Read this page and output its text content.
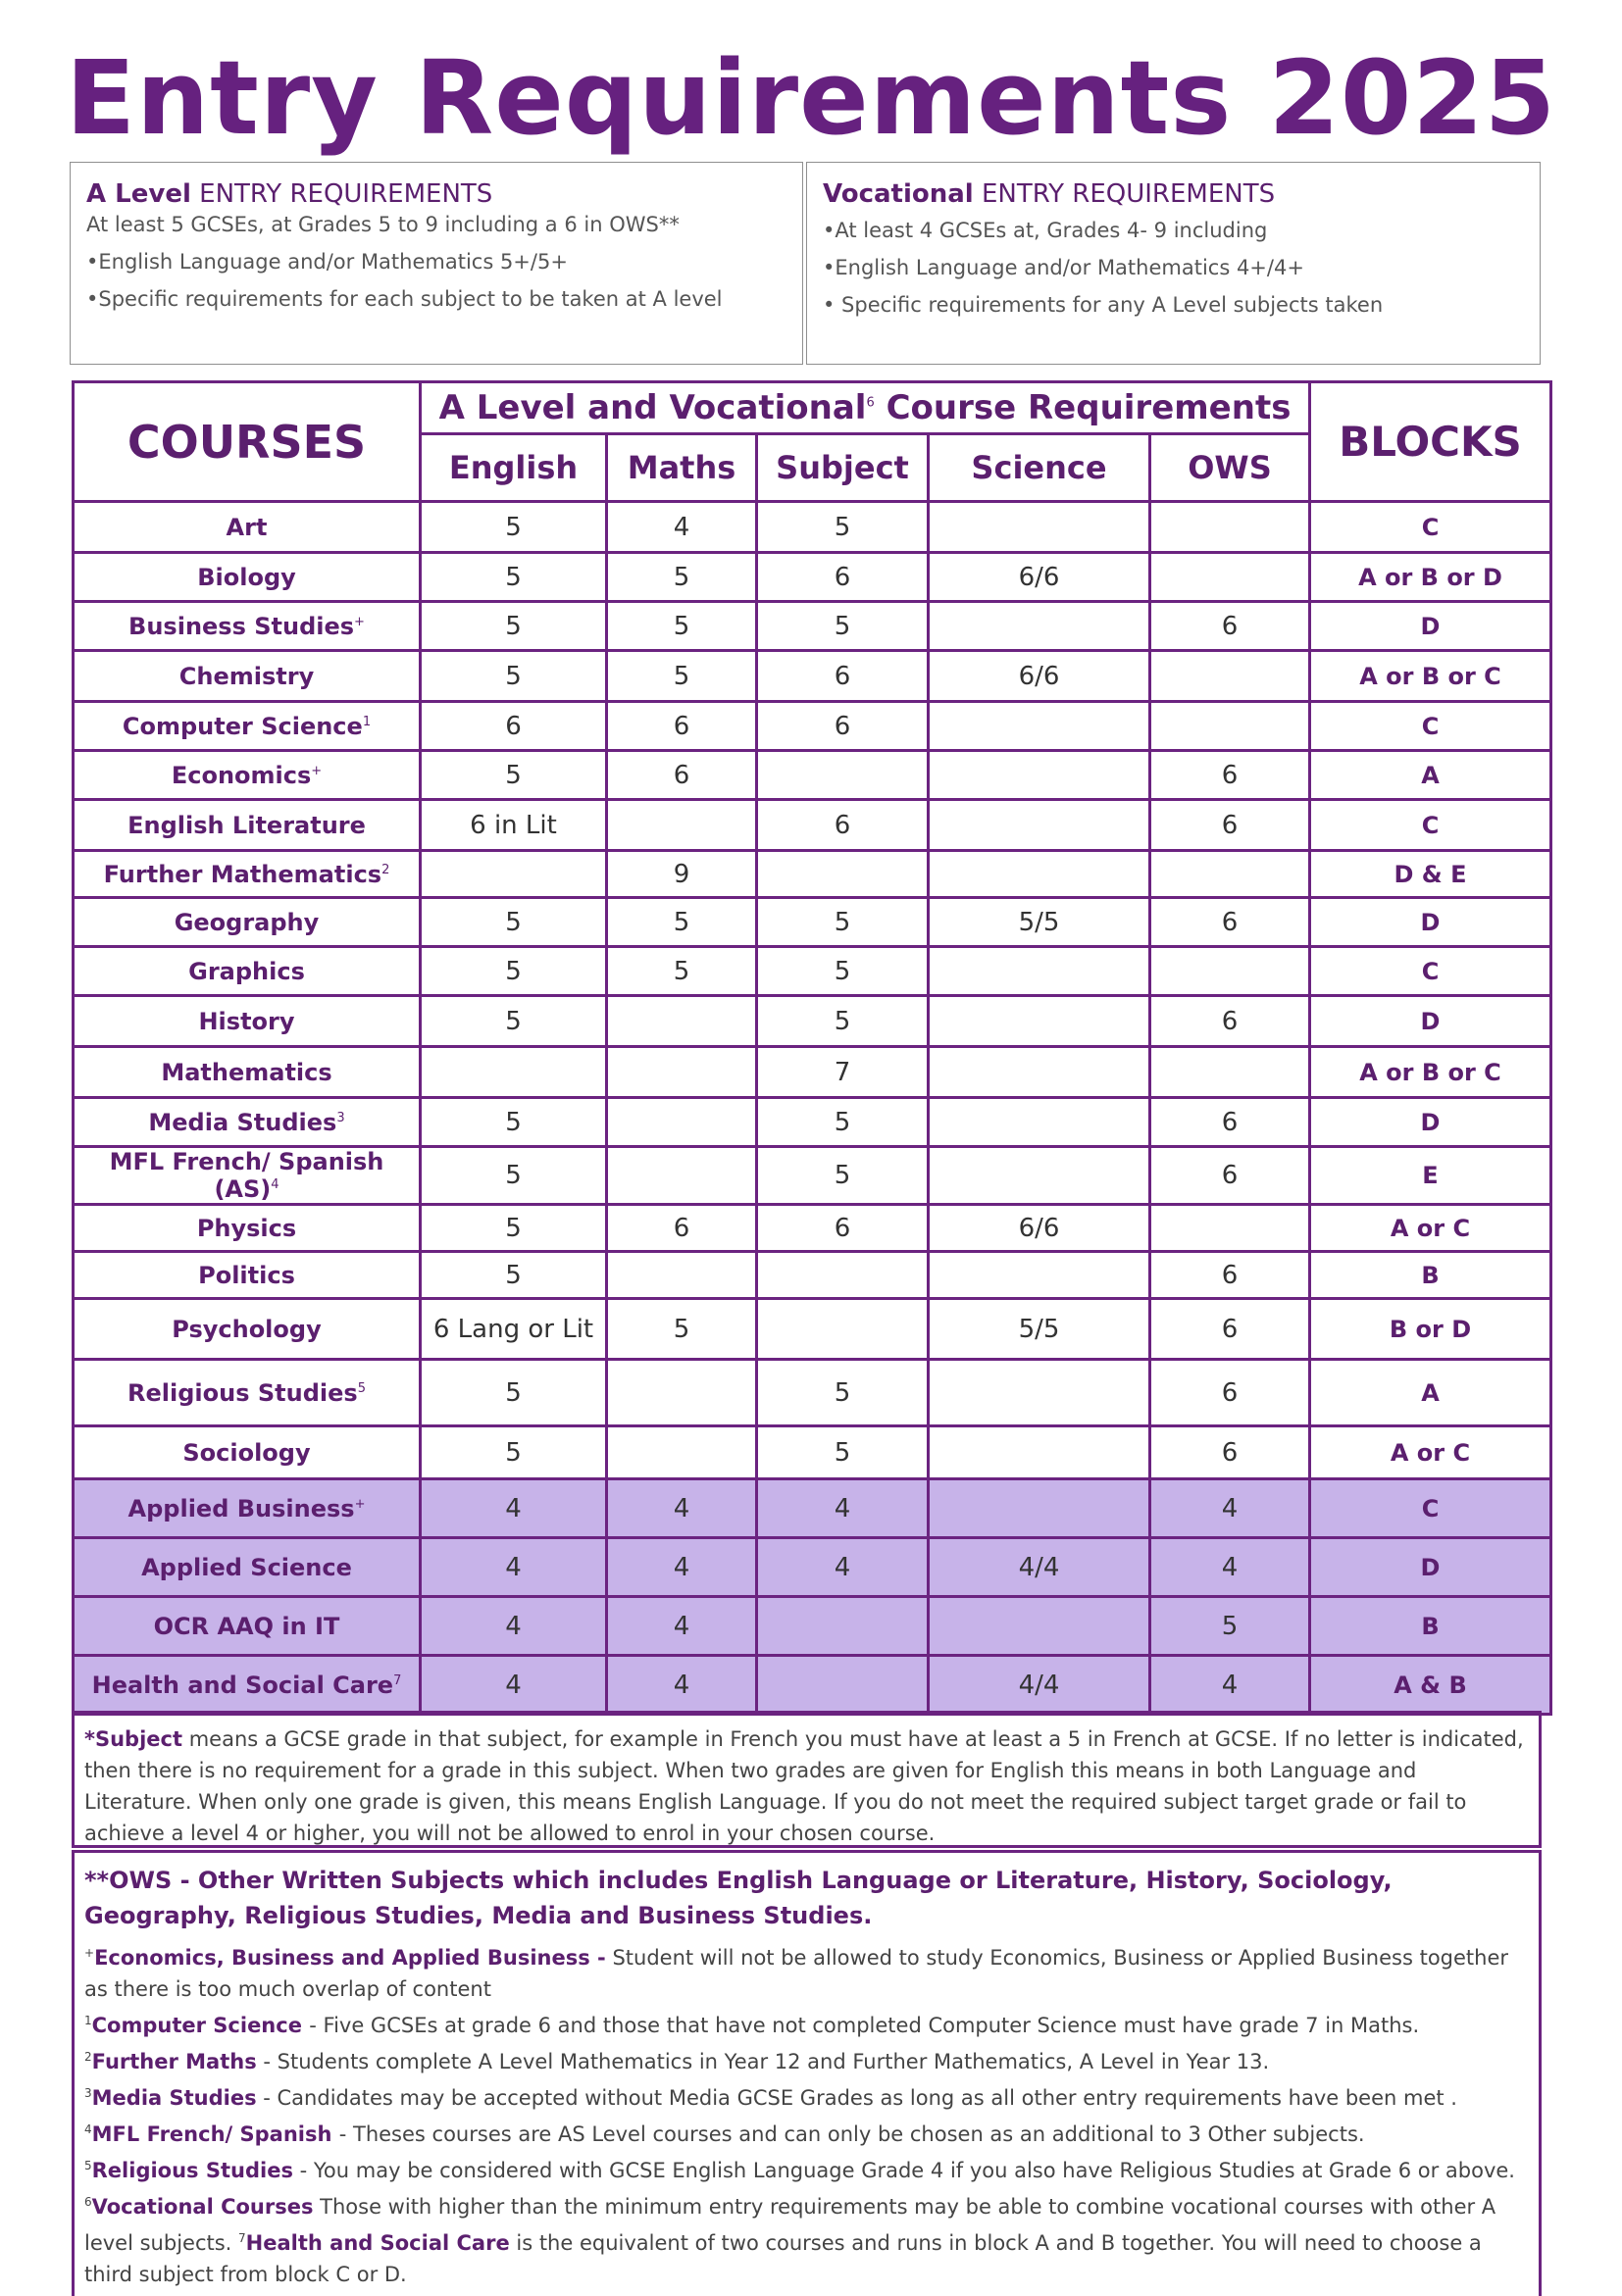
Entry Requirements 2025
A Level ENTRY REQUIREMENTS
At least 5 GCSEs, at Grades 5 to 9 including a 6 in OWS**
•English Language and/or Mathematics 5+/5+
•Specific requirements for each subject to be taken at A level
Vocational ENTRY REQUIREMENTS
•At least 4 GCSEs at, Grades 4- 9 including
•English Language and/or Mathematics 4+/4+
• Specific requirements for any A Level subjects taken
COURSES	A Level and Vocational$^6$ Course Requirements					BLOCKS
	English	Maths	Subject	Science	OWS	
Art	5	4	5			C
Biology	5	5	6	6/6		A or B or D
Business Studies+	5	5	5		6	D
Chemistry	5	5	6	6/6		A or B or C
Computer Science$^1$	6	6	6			C
Economics+	5	6			6	A
English Literature	6 in Lit		6		6	C
Further Mathematics$^2$		9				D & E
Geography	5	5	5	5/5	6	D
Graphics	5	5	5			C
History	5		5		6	D
Mathematics			7			A or B or C
Media Studies$^3$	5		5		6	D
MFL French/ Spanish (AS)$^4$	5		5		6	E
Physics	5	6	6	6/6		A or C
Politics	5				6	B
Psychology	6 Lang or Lit	5		5/5	6	B or D
Religious Studies$^5$	5		5		6	A
Sociology	5		5		6	A or C
Applied Business+	4	4	4		4	C
Applied Science	4	4	4	4/4	4	D
OCR AAQ in IT	4	4			5	B
Health and Social Care$^7$	4	4		4/4	4	A & B

*Subject means a GCSE grade in that subject, for example in French you must have at least a 5 in French at GCSE. If no letter is indicated, then there is no requirement for a grade in this subject. When two grades are given for English this means in both Language and Literature. When only one grade is given, this means English Language. If you do not meet the required subject target grade or fail to achieve a level 4 or higher, you will not be allowed to enrol in your chosen course.

**OWS - Other Written Subjects which includes English Language or Literature, History, Sociology, Geography, Religious Studies, Media and Business Studies.

+Economics, Business and Applied Business - Student will not be allowed to study Economics, Business or Applied Business together as there is too much overlap of content

$^1$Computer Science - Five GCSEs at grade 6 and those that have not completed Computer Science must have grade 7 in Maths.

$^2$Further Maths - Students complete A Level Mathematics in Year 12 and Further Mathematics, A Level in Year 13.

$^3$Media Studies - Candidates may be accepted without Media GCSE Grades as long as all other entry requirements have been met .

$^4$MFL French/ Spanish - Theses courses are AS Level courses and can only be chosen as an additional to 3 Other subjects.

$^5$Religious Studies - You may be considered with GCSE English Language Grade 4 if you also have Religious Studies at Grade 6 or above.

$^6$Vocational Courses Those with higher than the minimum entry requirements may be able to combine vocational courses with other A level subjects. $^7$Health and Social Care is the equivalent of two courses and runs in block A and B together. You will need to choose a third subject from block C or D.
